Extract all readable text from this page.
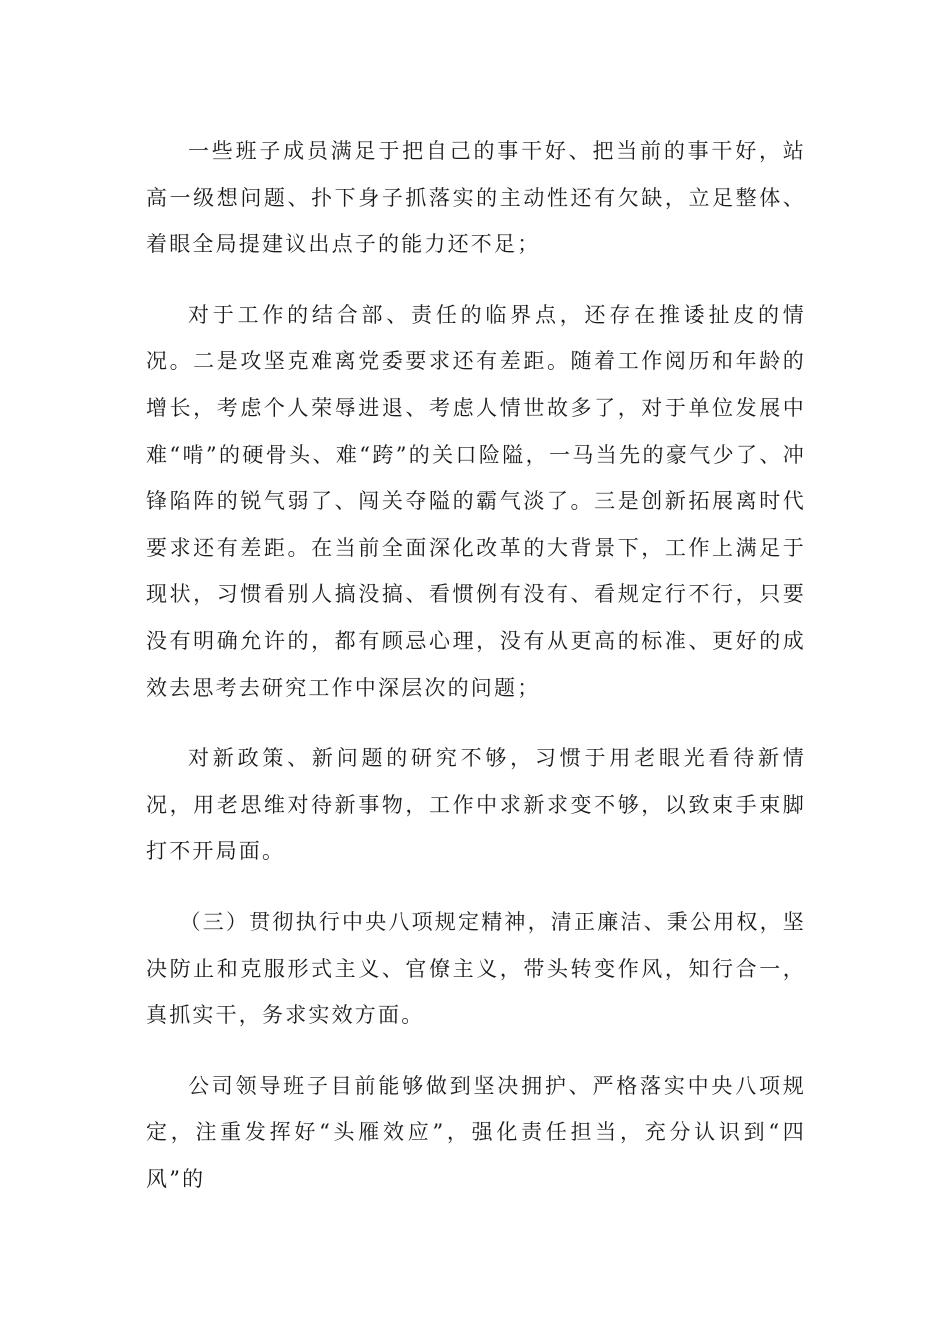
一些班子成员满足于把自己的事干好、把当前的事干好，站高一级想问题、扑下身子抓落实的主动性还有欠缺，立足整体、着眼全局提建议出点子的能力还不足；

对于工作的结合部、责任的临界点，还存在推诿扯皮的情况。二是攻坚克难离党委要求还有差距。随着工作阅历和年龄的增长，考虑个人荣辱进退、考虑人情世故多了，对于单位发展中难“啃”的硬骨头、难“跨”的关口险隘，一马当先的豪气少了、冲锋陷阵的锐气弱了、闯关夺隘的霸气淡了。三是创新拓展离时代要求还有差距。在当前全面深化改革的大背景下，工作上满足于现状，习惯看别人搞没搞、看惯例有没有、看规定行不行，只要没有明确允许的，都有顾忌心理，没有从更高的标准、更好的成效去思考去研究工作中深层次的问题；

对新政策、新问题的研究不够，习惯于用老眼光看待新情况，用老思维对待新事物，工作中求新求变不够，以致束手束脚打不开局面。

（三）贯彻执行中央八项规定精神，清正廉洁、秉公用权，坚决防止和克服形式主义、官僚主义，带头转变作风，知行合一，真抓实干，务求实效方面。

公司领导班子目前能够做到坚决拥护、严格落实中央八项规定，注重发挥好“头雁效应”，强化责任担当，充分认识到“四风”的
